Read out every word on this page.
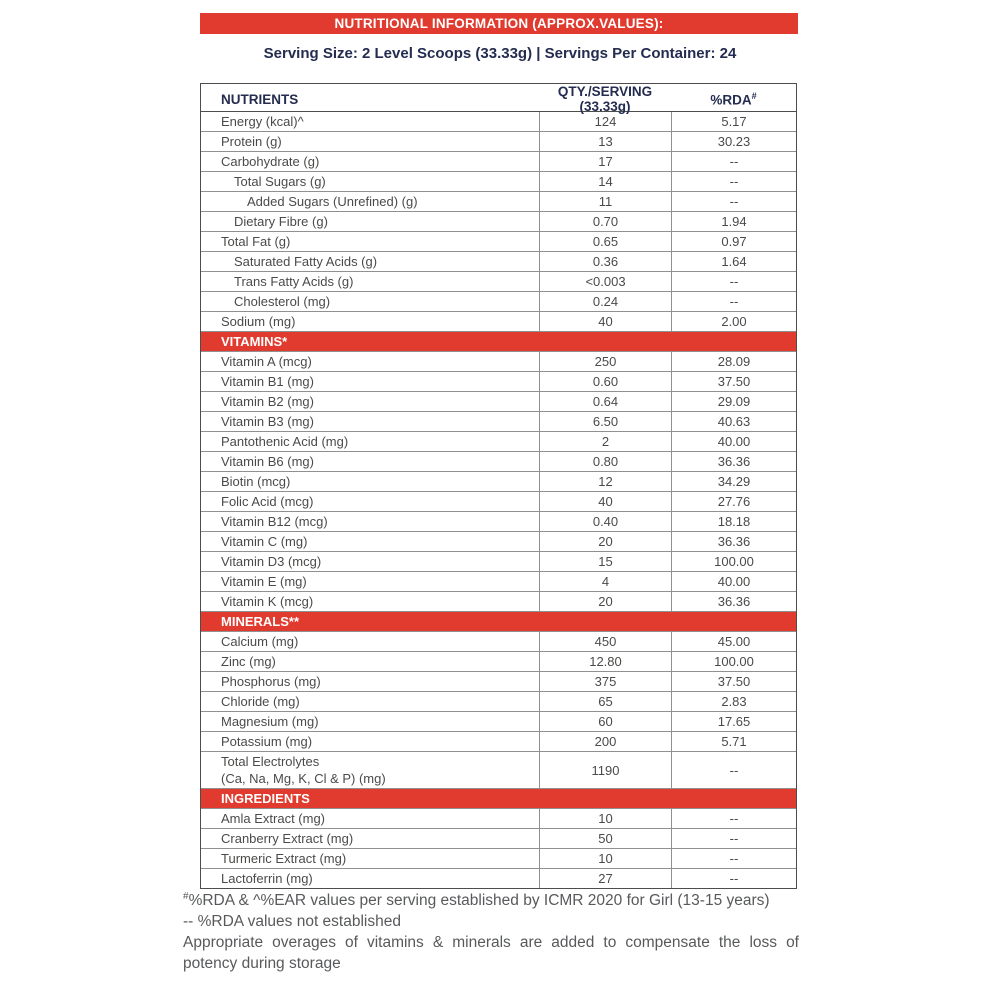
NUTRITIONAL INFORMATION (APPROX.VALUES):
Serving Size: 2 Level Scoops (33.33g) | Servings Per Container: 24
NUTRIENTS	QTY./SERVING (33.33g)	%RDA#
Energy (kcal)^	124	5.17
Protein (g)	13	30.23
Carbohydrate (g)	17	--
Total Sugars (g)	14	--
Added Sugars (Unrefined) (g)	11	--
Dietary Fibre (g)	0.70	1.94
Total Fat (g)	0.65	0.97
Saturated Fatty Acids (g)	0.36	1.64
Trans Fatty Acids (g)	<0.003	--
Cholesterol (mg)	0.24	--
Sodium (mg)	40	2.00
VITAMINS*
Vitamin A (mcg)	250	28.09
Vitamin B1 (mg)	0.60	37.50
Vitamin B2 (mg)	0.64	29.09
Vitamin B3 (mg)	6.50	40.63
Pantothenic Acid (mg)	2	40.00
Vitamin B6 (mg)	0.80	36.36
Biotin (mcg)	12	34.29
Folic Acid (mcg)	40	27.76
Vitamin B12 (mcg)	0.40	18.18
Vitamin C (mg)	20	36.36
Vitamin D3 (mcg)	15	100.00
Vitamin E (mg)	4	40.00
Vitamin K (mcg)	20	36.36
MINERALS**
Calcium (mg)	450	45.00
Zinc (mg)	12.80	100.00
Phosphorus (mg)	375	37.50
Chloride (mg)	65	2.83
Magnesium (mg)	60	17.65
Potassium (mg)	200	5.71
Total Electrolytes
(Ca, Na, Mg, K, Cl & P) (mg)
1190	--
INGREDIENTS
Amla Extract (mg)	10	--
Cranberry Extract (mg)	50	--
Turmeric Extract (mg)	10	--
Lactoferrin (mg)	27	--

#%RDA & ^%EAR values per serving established by ICMR 2020 for Girl (13-15 years)

-- %RDA values not established

Appropriate overages of vitamins & minerals are added to compensate the loss of potency during storage
